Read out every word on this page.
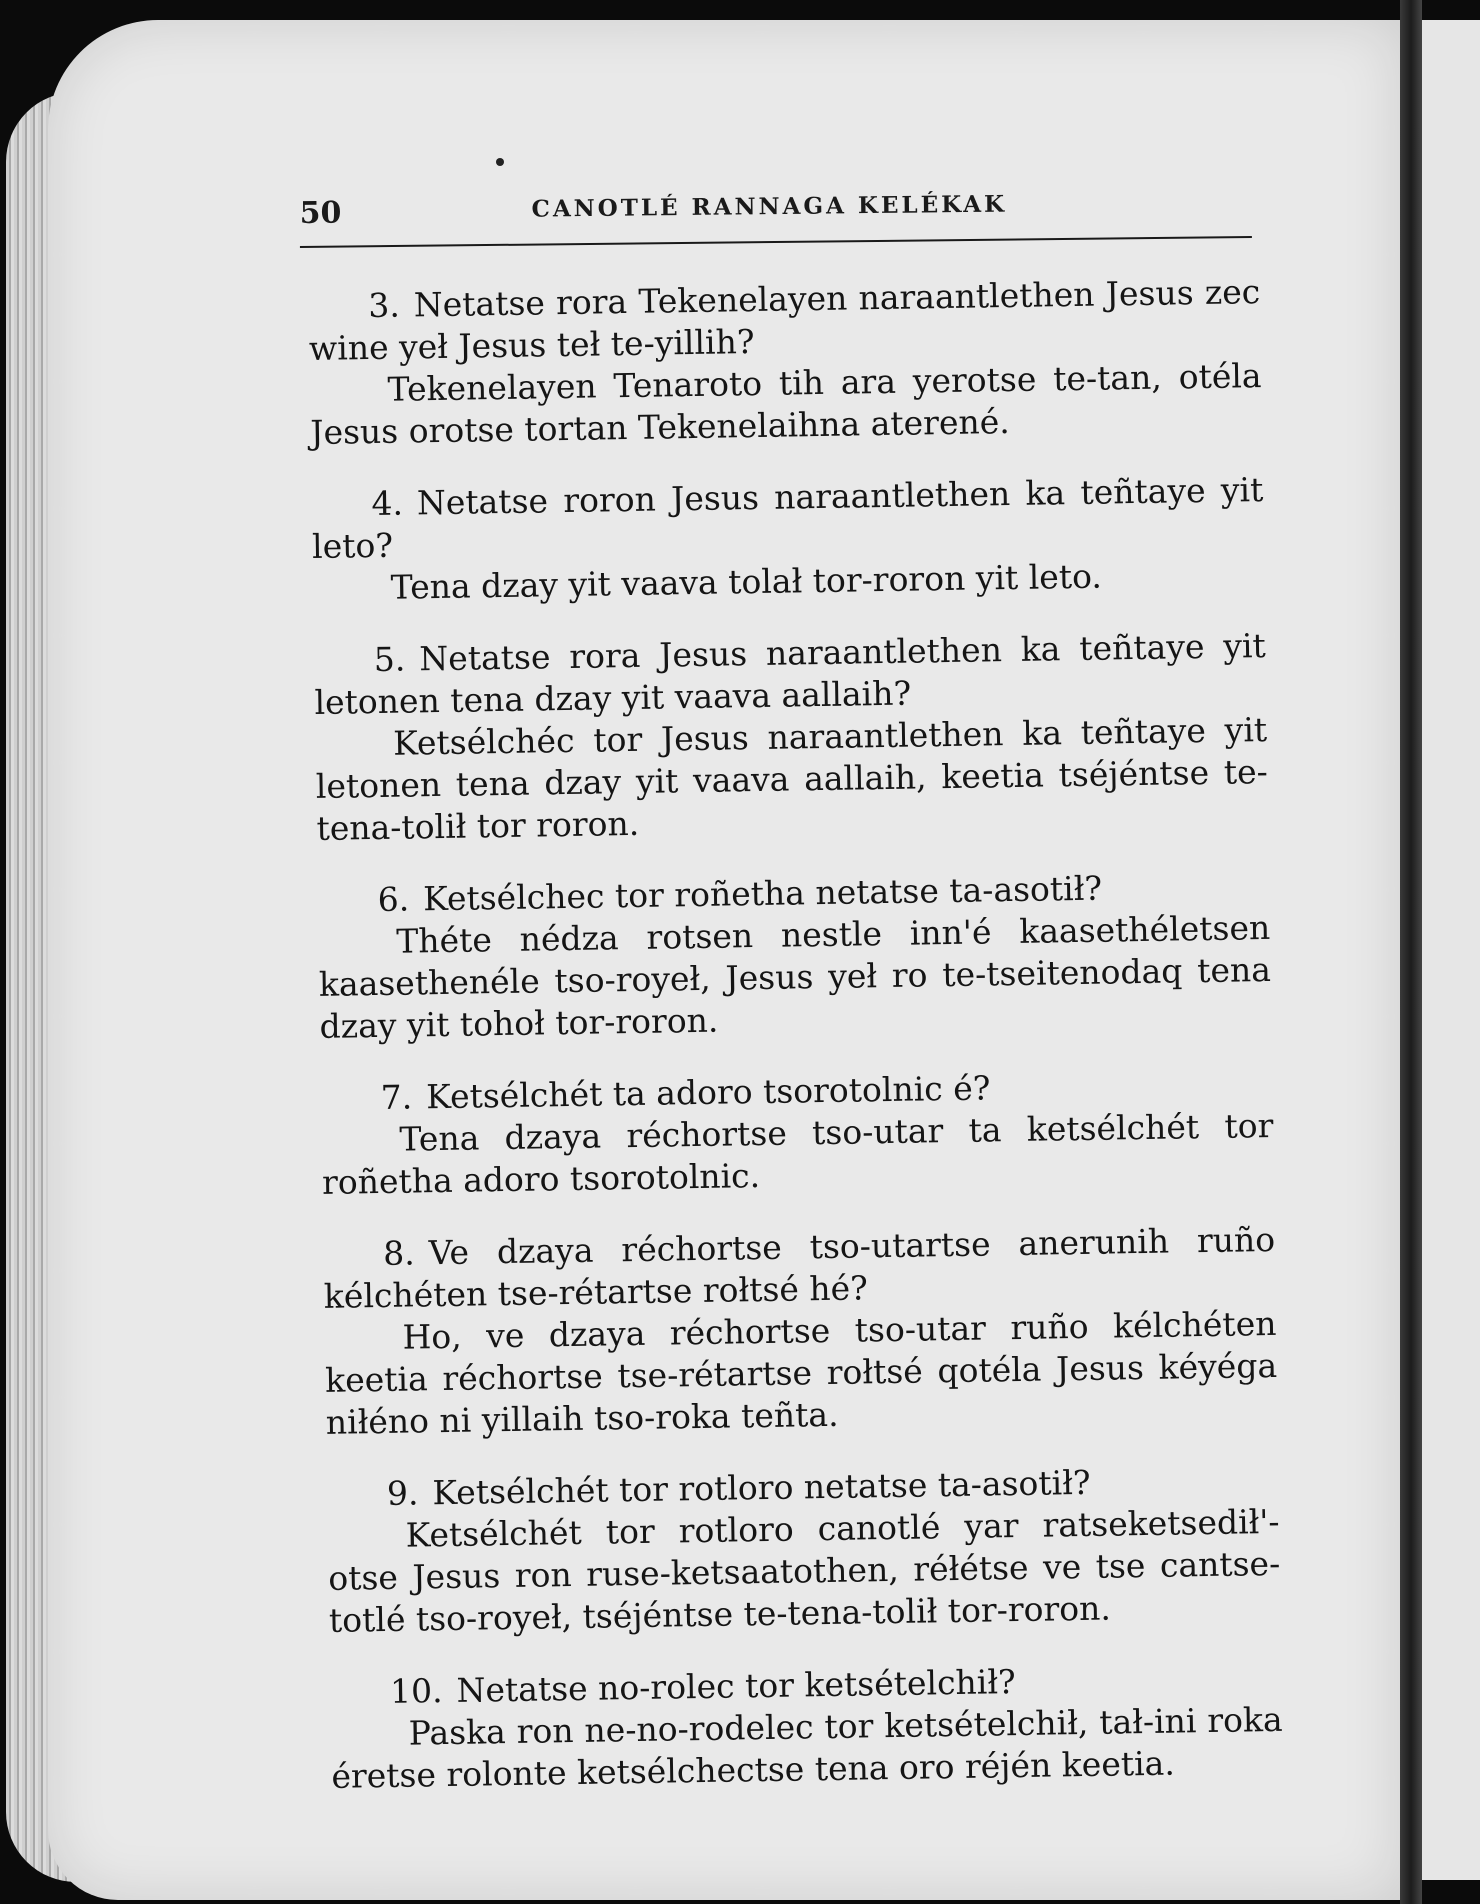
50	CANOTLÉ RANNAGA KELÉKAK

3. Netatse rora Tekenelayen naraantlethen Jesus zec wine yeł Jesus teł te-yillih?

Tekenelayen Tenaroto tih ara yerotse te-tan, otéla Jesus orotse tortan Tekenelaihna aterené.

4. Netatse roron Jesus naraantlethen ka teñtaye yit leto?

Tena dzay yit vaava tolał tor-roron yit leto.

5. Netatse rora Jesus naraantlethen ka teñtaye yit letonen tena dzay yit vaava aallaih?

Ketsélchéc tor Jesus naraantlethen ka teñtaye yit letonen tena dzay yit vaava aallaih, keetia tséjéntse te-tena-tolił tor roron.

6. Ketsélchec tor roñetha netatse ta-asotił?

Théte nédza rotsen nestle inn'é kaasethéletsen kaasethenéle tso-royeł, Jesus yeł ro te-tseitenodaq tena dzay yit tohoł tor-roron.

7. Ketsélchét ta adoro tsorotolnic é?

Tena dzaya réchortse tso-utar ta ketsélchét tor roñetha adoro tsorotolnic.

8. Ve dzaya réchortse tso-utartse anerunih ruño kélchéten tse-rétartse rołtsé hé?

Ho, ve dzaya réchortse tso-utar ruño kélchéten keetia réchortse tse-rétartse rołtsé qotéla Jesus kéyéga niłéno ni yillaih tso-roka teñta.

9. Ketsélchét tor rotloro netatse ta-asotił?

Ketsélchét tor rotloro canotlé yar ratseketsedił'-otse Jesus ron ruse-ketsaatothen, réłétse ve tse cantse-totlé tso-royeł, tséjéntse te-tena-tolił tor-roron.

10. Netatse no-rolec tor ketsételchił?

Paska ron ne-no-rodelec tor ketsételchił, tał-ini roka éretse rolonte ketsélchectse tena oro réjén keetia.
